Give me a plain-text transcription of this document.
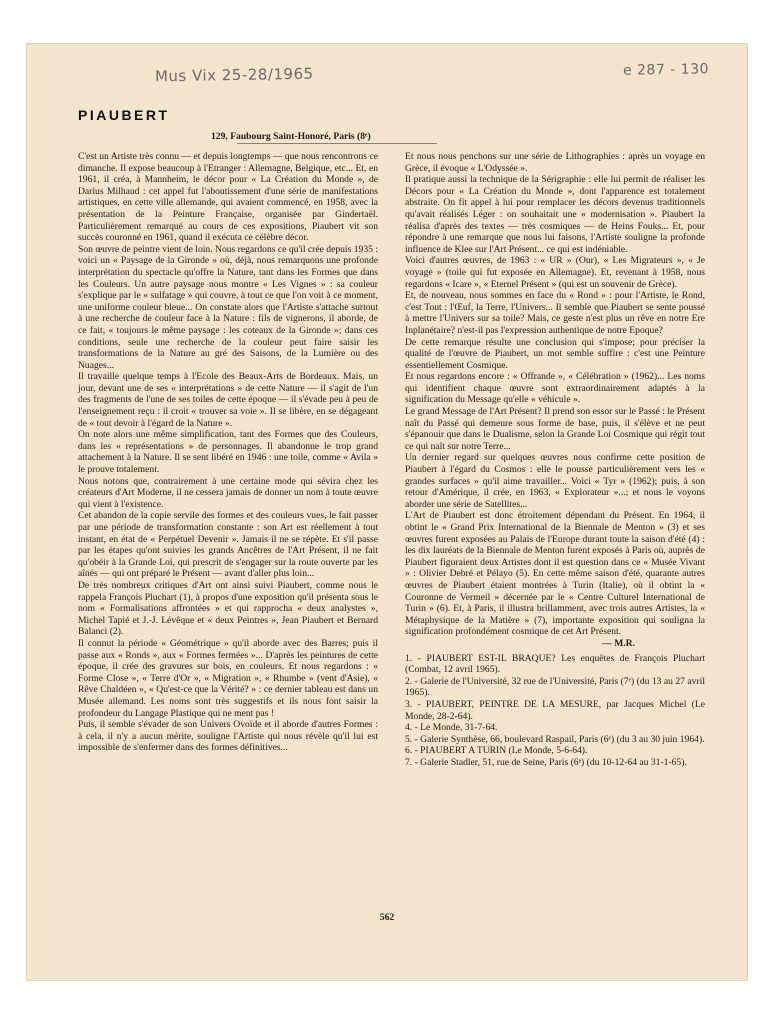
Mus Vix 25-28/1965	e 287 - 130
PIAUBERT
129, Faubourg Saint-Honoré, Paris (8ᵉ)

C'est un Artiste très connu — et depuis longtemps — que nous rencontrons ce dimanche. Il expose beaucoup à l'Etranger : Allemagne, Belgique, etc... Et, en 1961, il créa, à Mannheim, le décor pour « La Création du Monde », de Darius Milhaud : cet appel fut l'aboutissement d'une série de manifestations artistiques, en cette ville allemande, qui avaient commencé, en 1958, avec la présentation de la Peinture Française, organisée par Gindertaël. Particulièrement remarqué au cours de ces expositions, Piaubert vit son succès couronné en 1961, quand il exécuta ce célèbre décor.

Son œuvre de peintre vient de loin. Nous regardons ce qu'il crée depuis 1935 : voici un « Paysage de la Gironde » où, déjà, nous remarquons une profonde interprétation du spectacle qu'offre la Nature, tant dans les Formes que dans les Couleurs. Un autre paysage nous montre « Les Vignes » : sa couleur s'explique par le « sulfatage » qui couvre, à tout ce que l'on voit à ce moment, une uniforme couleur bleue... On constate alors que l'Artiste s'attache surtout à une recherche de couleur face à la Nature : fils de vignerons, il aborde, de ce fait, « toujours le même paysage : les coteaux de la Gironde »; dans ces conditions, seule une recherche de la couleur peut faire saisir les transformations de la Nature au gré des Saisons, de la Lumière ou des Nuages...

Il travaille quelque temps à l'Ecole des Beaux-Arts de Bordeaux. Mais, un jour, devant une de ses « interprétations » de cette Nature — il s'agit de l'un des fragments de l'une de ses toiles de cette époque — il s'évade peu à peu de l'enseignement reçu : il croit « trouver sa voie ». Il se libère, en se dégageant de « tout devoir à l'égard de la Nature ».

On note alors une même simplification, tant des Formes que des Couleurs, dans les « représentations » de personnages. Il abandonne le trop grand attachement à la Nature. Il se sent libéré en 1946 : une toile, comme « Avila » le prouve totalement.

Nous notons que, contrairement à une certaine mode qui sévira chez les créateurs d'Art Moderne, il ne cessera jamais de donner un nom à toute œuvre qui vient à l'existence.

Cet abandon de la copie servile des formes et des couleurs vues, le fait passer par une période de transformation constante : son Art est réellement à tout instant, en état de « Perpétuel Devenir ». Jamais il ne se répète. Et s'il passe par les étapes qu'ont suivies les grands Ancêtres de l'Art Présent, il ne fait qu'obéir à la Grande Loi, qui prescrit de s'engager sur la route ouverte par les aînés — qui ont préparé le Présent — avant d'aller plus loin...

De très nombreux critiques d'Art ont ainsi suivi Piaubert, comme nous le rappela François Pluchart (1), à propos d'une exposition qu'il présenta sous le nom « Formalisations affrontées » et qui rapprocha « deux analystes », Michel Tapié et J.-J. Lévêque et « deux Peintres », Jean Piaubert et Bernard Balanci (2).

Il connut la période « Géométrique » qu'il aborde avec des Barres; puis il passe aux « Ronds », aux « Formes fermées »... D'après les peintures de cette époque, il crée des gravures sur bois, en couleurs. Et nous regardons : « Forme Close », « Terre d'Or », « Migration », « Rhumbe » (vent d'Asie), « Rêve Chaldéen », « Qu'est-ce que la Vérité? » : ce dernier tableau est dans un Musée allemand. Les noms sont très suggestifs et ils nous font saisir la profondeur du Langage Plastique qui ne ment pas !

Puis, il semble s'évader de son Univers Ovoïde et il aborde d'autres Formes : à cela, il n'y a aucun mérite, souligne l'Artiste qui nous révèle qu'il lui est impossible de s'enfermer dans des formes définitives...

Et nous nous penchons sur une série de Lithographies : après un voyage en Grèce, il évoque « L'Odyssée ».

Il pratique aussi la technique de la Sérigraphie : elle lui permit de réaliser les Décors pour « La Création du Monde », dont l'apparence est totalement abstraite. On fit appel à lui pour remplacer les décors devenus traditionnels qu'avait réalisés Léger : on souhaitait une « modernisation ». Piaubert la réalisa d'après des textes — très cosmiques — de Heins Fouks... Et, pour répondre à une remarque que nous lui faisons, l'Artiste souligne la profonde influence de Klee sur l'Art Présent... ce qui est indéniable.

Voici d'autres œuvres, de 1963 : « UR » (Our), « Les Migrateurs », « Je voyage » (toile qui fut exposée en Allemagne). Et, revenant à 1958, nous regardons « Icare », « Eternel Présent » (qui est un souvenir de Grèce).

Et, de nouveau, nous sommes en face du « Rond » : pour l'Artiste, le Rond, c'est Tout : l'Œuf, la Terre, l'Univers... Il semble que Piaubert se sente poussé à mettre l'Univers sur sa toile? Mais, ce geste n'est plus un rêve en notre Ere Inplanétaire? n'est-il pas l'expression authentique de notre Epoque?

De cette remarque résulte une conclusion qui s'impose; pour préciser la qualité de l'œuvre de Piaubert, un mot semble suffire : c'est une Peinture essentiellement Cosmique.

Et nous regardons encore : « Offrande », « Célébration » (1962)... Les noms qui identifient chaque œuvre sont extraordinairement adaptés à la signification du Message qu'elle « véhicule ».

Le grand Message de l'Art Présent? Il prend son essor sur le Passé : le Présent naît du Passé qui demeure sous forme de base, puis, il s'élève et ne peut s'épanouir que dans le Dualisme, selon la Grande Loi Cosmique qui régit tout ce qui naît sur notre Terre...

Un dernier regard sur quelques œuvres nous confirme cette position de Piaubert à l'égard du Cosmos : elle le pousse particulièrement vers les « grandes surfaces » qu'il aime travailler... Voici « Tyr » (1962); puis, à son retour d'Amérique, il crée, en 1963, « Explorateur »...; et nous le voyons aborder une série de Satellites...

L'Art de Piaubert est donc étroitement dépendant du Présent. En 1964, il obtint le « Grand Prix International de la Biennale de Menton » (3) et ses œuvres furent exposées au Palais de l'Europe durant toute la saison d'été (4) : les dix lauréats de la Biennale de Menton furent exposés à Paris où, auprès de Piaubert figuraient deux Artistes dont il est question dans ce « Musée Vivant » : Olivier Debré et Pélayo (5). En cette même saison d'été, quarante autres œuvres de Piaubert étaient montrées à Turin (Italie), où il obtint la « Couronne de Vermeil » décernée par le « Centre Culturel International de Turin » (6). Et, à Paris, il illustra brillamment, avec trois autres Artistes, la « Métaphysique de la Matière » (7), importante exposition qui souligna la signification profondément cosmique de cet Art Présent.

— M.R.

1. - PIAUBERT EST-IL BRAQUE? Les enquêtes de François Pluchart (Combat, 12 avril 1965).
2. - Galerie de l'Université, 32 rue de l'Université, Paris (7ᵉ) (du 13 au 27 avril 1965).
3. - PIAUBERT, PEINTRE DE LA MESURE, par Jacques Michel (Le Monde, 28-2-64).
4. - Le Monde, 31-7-64.
5. - Galerie Synthèse, 66, boulevard Raspail, Paris (6ᵉ) (du 3 au 30 juin 1964).
6. - PIAUBERT A TURIN (Le Monde, 5-6-64).
7. - Galerie Stadler, 51, rue de Seine, Paris (6ᵉ) (du 10-12-64 au 31-1-65).
562
